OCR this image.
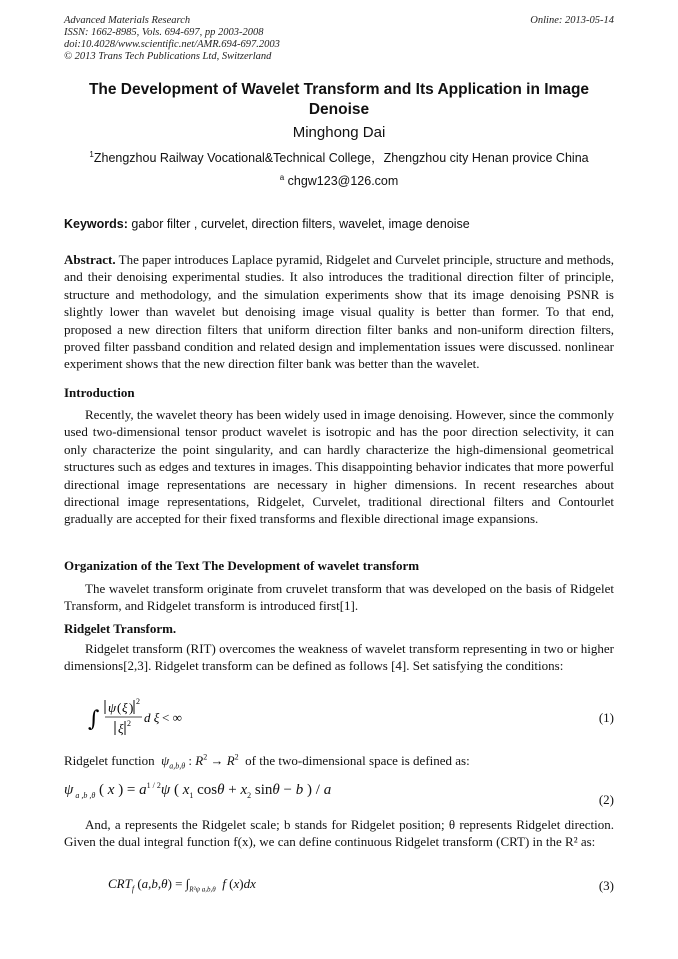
Advanced Materials Research
ISSN: 1662-8985, Vols. 694-697, pp 2003-2008
doi:10.4028/www.scientific.net/AMR.694-697.2003
© 2013 Trans Tech Publications Ltd, Switzerland
Online: 2013-05-14
The Development of Wavelet Transform and Its Application in Image Denoise
Minghong Dai
$^1$Zhengzhou Railway Vocational&Technical College，Zhengzhou city Henan provice China
$^a$ chgw123@126.com
Keywords: gabor filter , curvelet, direction filters, wavelet, image denoise
Abstract. The paper introduces Laplace pyramid, Ridgelet and Curvelet principle, structure and methods, and their denoising experimental studies. It also introduces the traditional direction filter of principle, structure and methodology, and the simulation experiments show that its image denoising PSNR is slightly lower than wavelet but denoising image visual quality is better than former. To that end, proposed a new direction filters that uniform direction filter banks and non-uniform direction filters, proved filter passband condition and related design and implementation issues were discussed. nonlinear experiment shows that the new direction filter bank was better than the wavelet.
Introduction
Recently, the wavelet theory has been widely used in image denoising. However, since the commonly used two-dimensional tensor product wavelet is isotropic and has the poor direction selectivity, it can only characterize the point singularity, and can hardly characterize the high-dimensional geometrical structures such as edges and textures in images. This disappointing behavior indicates that more powerful directional image representations are necessary in higher dimensions. In recent researches about directional image representations, Ridgelet, Curvelet, traditional directional filters and Contourlet gradually are accepted for their fixed transforms and flexible directional image expansions.
Organization of the Text The Development of wavelet transform
The wavelet transform originate from cruvelet transform that was developed on the basis of Ridgelet Transform, and Ridgelet transform is introduced first[1].
Ridgelet Transform.
Ridgelet transform (RIT) overcomes the weakness of wavelet transform representing in two or higher dimensions[2,3]. Ridgelet transform can be defined as follows [4]. Set satisfying the conditions:
∫ ψ ( ξ ) 2
ξ 2 d ξ < ∞	(1)
Ridgelet function $\psi_{a,b,\theta}$ : $R^2 \to R^2$ of the two-dimensional space is defined as:
ψ $_{a ,b ,\theta}$ ( x ) = $a^{1 / 2}\psi$ ( $x_1$ $\cos\theta + x_2$ sinθ − b ) / a
(2)
And, a represents the Ridgelet scale; b stands for Ridgelet position; θ represents Ridgelet direction. Given the dual integral function f(x), we can define continuous Ridgelet transform (CRT) in the R² as:
$CRT_f$ $(a,b,\theta) = \int_{R^2\psi a,b,\theta}$ f (x)dx	(3)
